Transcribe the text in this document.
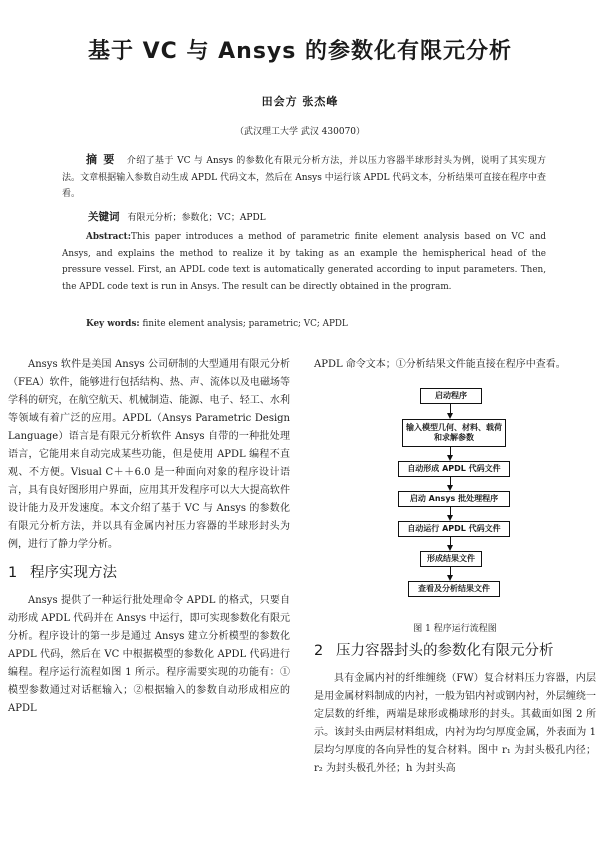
基于 VC 与 Ansys 的参数化有限元分析
田会方 张杰峰
（武汉理工大学 武汉 430070）
摘要 介绍了基于 VC 与 Ansys 的参数化有限元分析方法，并以压力容器半球形封头为例，说明了其实现方法。文章根据输入参数自动生成 APDL 代码文本，然后在 Ansys 中运行该 APDL 代码文本，分析结果可直接在程序中查看。
关键词 有限元分析；参数化；VC；APDL
Abstract:This paper introduces a method of parametric finite element analysis based on VC and Ansys, and explains the method to realize it by taking as an example the hemispherical head of the pressure vessel. First, an APDL code text is automatically generated according to input parameters. Then, the APDL code text is run in Ansys. The result can be directly obtained in the program.
Key words: finite element analysis; parametric; VC; APDL

Ansys 软件是美国 Ansys 公司研制的大型通用有限元分析（FEA）软件，能够进行包括结构、热、声、流体以及电磁场等学科的研究，在航空航天、机械制造、能源、电子、轻工、水利等领域有着广泛的应用。APDL（Ansys Parametric Design Language）语言是有限元分析软件 Ansys 自带的一种批处理语言，它能用来自动完成某些功能，但是使用 APDL 编程不直观、不方便。Visual C＋＋6.0 是一种面向对象的程序设计语言，具有良好图形用户界面，应用其开发程序可以大大提高软件设计能力及开发速度。本文介绍了基于 VC 与 Ansys 的参数化有限元分析方法，并以具有金属内衬压力容器的半球形封头为例，进行了静力学分析。

1 程序实现方法

Ansys 提供了一种运行批处理命令 APDL 的格式，只要自动形成 APDL 代码并在 Ansys 中运行，即可实现参数化有限元分析。程序设计的第一步是通过 Ansys 建立分析模型的参数化 APDL 代码，然后在 VC 中根据模型的参数化 APDL 代码进行编程。程序运行流程如图 1 所示。程序需要实现的功能有：①模型参数通过对话框输入；②根据输入的参数自动形成相应的 APDL

APDL 命令文本；①分析结果文件能直接在程序中查看。

启动程序
输入模型几何、材料、载荷和求解参数
自动形成 APDL 代码文件
启动 Ansys 批处理程序
自动运行 APDL 代码文件
形成结果文件
查看及分析结果文件
图 1 程序运行流程图
2 压力容器封头的参数化有限元分析

具有金属内衬的纤维缠绕（FW）复合材料压力容器，内层是用金属材料制成的内衬，一般为铝内衬或钢内衬，外层缠绕一定层数的纤维，两端是球形或椭球形的封头。其截面如图 2 所示。该封头由两层材料组成，内衬为均匀厚度金属，外表面为 1 层均匀厚度的各向异性的复合材料。图中 r₁ 为封头极孔内径；r₂ 为封头极孔外径；h 为封头高
